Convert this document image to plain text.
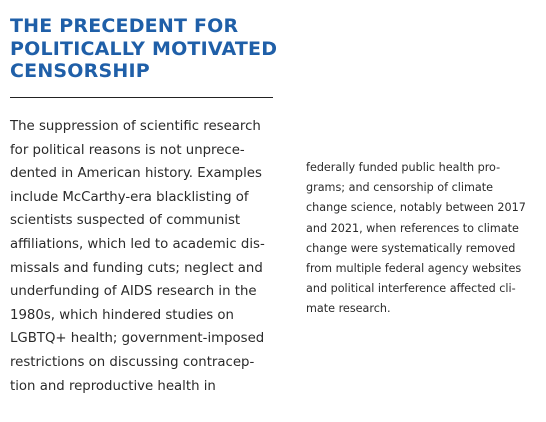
THE PRECEDENT FOR
POLITICALLY MOTIVATED
CENSORSHIP
The suppression of scientific research
for political reasons is not unprece-
dented in American history. Examples
include McCarthy-era blacklisting of
scientists suspected of communist
affiliations, which led to academic dis-
missals and funding cuts; neglect and
underfunding of AIDS research in the
1980s, which hindered studies on
LGBTQ+ health; government-imposed
restrictions on discussing contracep-
tion and reproductive health in
federally funded public health pro-
grams; and censorship of climate
change science, notably between 2017
and 2021, when references to climate
change were systematically removed
from multiple federal agency websites
and political interference affected cli-
mate research.
